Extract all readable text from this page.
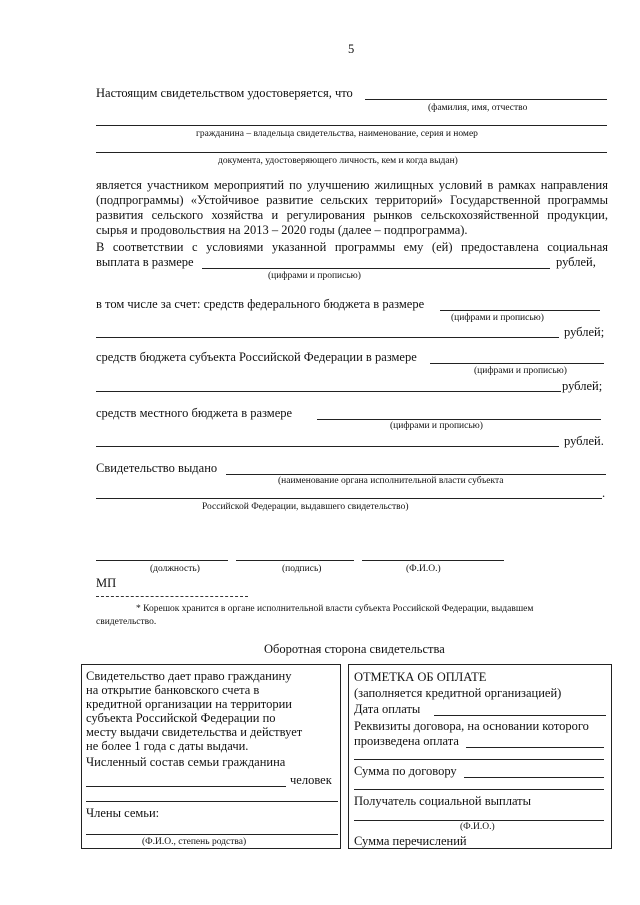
5
Настоящим свидетельством удостоверяется, что
(фамилия, имя, отчество
гражданина – владельца свидетельства, наименование, серия и номер
документа, удостоверяющего личность, кем и когда выдан)
является участником мероприятий по улучшению жилищных условий в рамках направления
(подпрограммы) «Устойчивое развитие сельских территорий» Государственной программы
развития сельского хозяйства и регулирования рынков сельскохозяйственной продукции,
сырья и продовольствия на 2013 – 2020 годы (далее – подпрограмма).
В соответствии с условиями указанной программы ему (ей) предоставлена социальная
выплата в размере	рублей,
(цифрами и прописью)
в том числе за счет: средств федерального бюджета в размере
(цифрами и прописью)
рублей;
средств бюджета субъекта Российской Федерации в размере
(цифрами и прописью)
рублей;
средств местного бюджета в размере
(цифрами и прописью)
рублей.
Свидетельство выдано
(наименование органа исполнительной власти субъекта
.
Российской Федерации, выдавшего свидетельство)
(должность)	(подпись)	(Ф.И.О.)
МП
* Корешок хранится в органе исполнительной власти субъекта Российской Федерации, выдавшем
свидетельство.
Оборотная сторона свидетельства
Свидетельство дает право гражданину
на открытие банковского счета в
кредитной организации на территории
субъекта Российской Федерации по
месту выдачи свидетельства и действует
не более 1 года с даты выдачи.
Численный состав семьи гражданина
человек
Члены семьи:
(Ф.И.О., степень родства)
ОТМЕТКА ОБ ОПЛАТЕ
(заполняется кредитной организацией)
Дата оплаты
Реквизиты договора, на основании которого
произведена оплата
Сумма по договору
Получатель социальной выплаты
(Ф.И.О.)
Сумма перечислений
